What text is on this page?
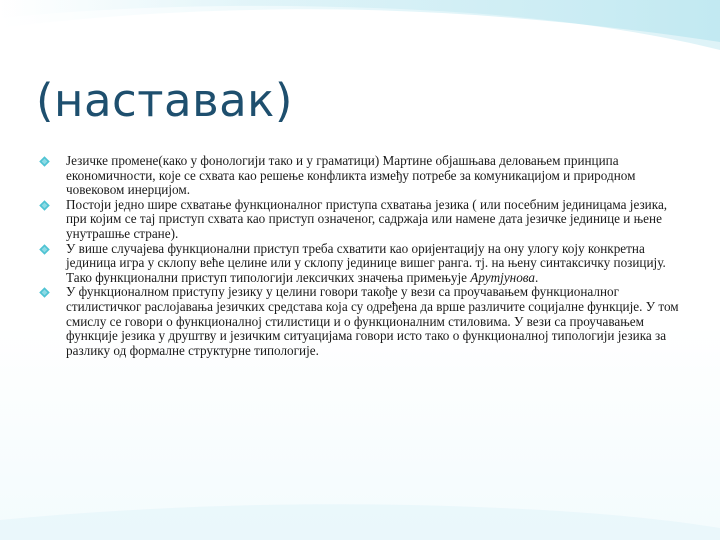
(наставак)
Језичке промене(како у фонологији тако и у граматици) Мартине објашњава деловањем принципа економичности, које се схвата као решење конфликта између потребе за комуникацијом и природном човековом инерцијом.
Постоји једно шире схватање функционалног приступа схватања језика ( или посебним јединицама језика, при којим се тај приступ схвата као приступ означеног, садржаја или намене дата језичке јединице и њене унутрашње стране).
У више случајева функционални приступ треба схватити као оријентацију на ону улогу коју конкретна јединица игра у склопу веће целине или у склопу јединице вишег ранга. тј. на њену синтаксичку позицију. Тако функционални приступ типологији лексичких значења примењује Арутјунова.
У функционалном приступу језику у целини говори такође у вези са проучавањем функционалног стилистичког раслојавања језичких средстава која су одређена да врше различите социјалне функције. У том смислу се говори о функционалној стилистици и о функционалним стиловима. У вези са проучавањем функције језика у друштву и језичким ситуацијама говори исто тако о функционалној типологији језика за разлику од формалне структурне типологије.
